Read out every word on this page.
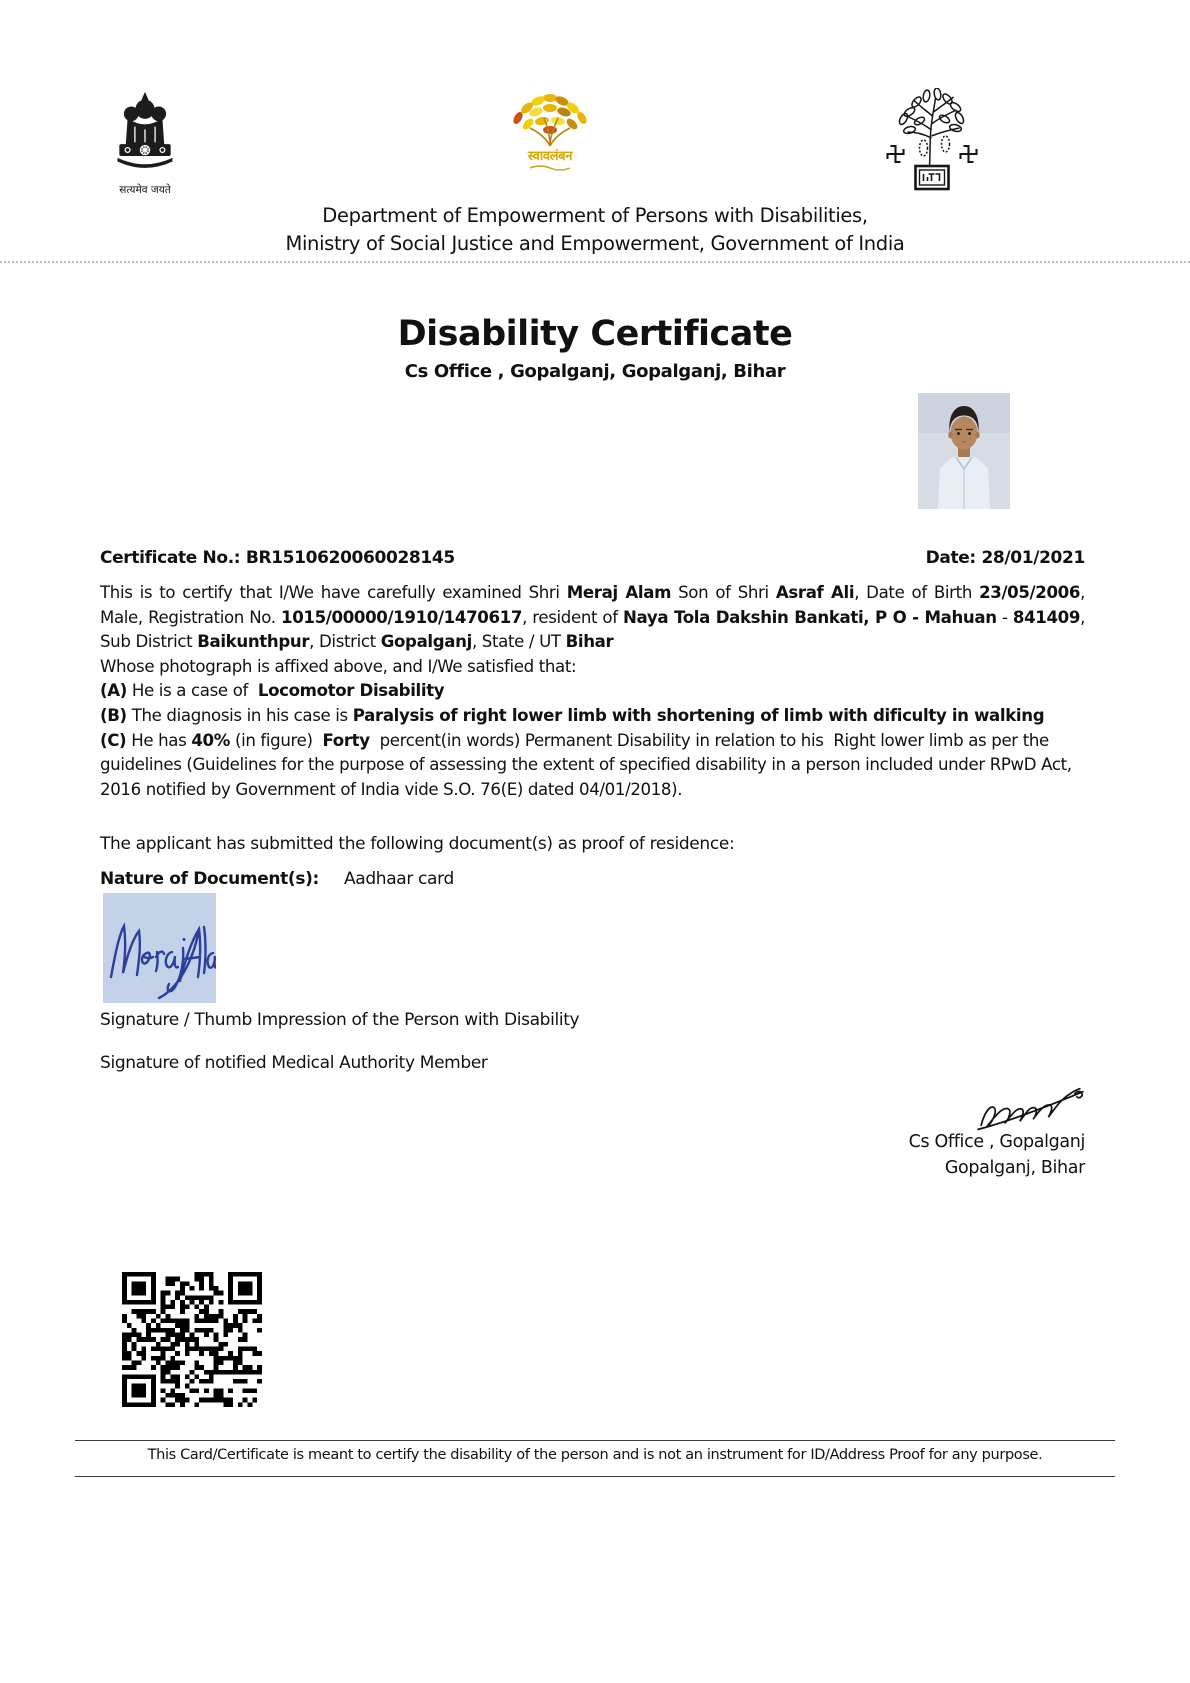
सत्यमेव जयते
स्वावलंबन
Department of Empowerment of Persons with Disabilities,
Ministry of Social Justice and Empowerment, Government of India
Disability Certificate
Cs Office , Gopalganj, Gopalganj, Bihar
Certificate No.: BR1510620060028145	Date: 28/01/2021
This is to certify that I/We have carefully examined Shri Meraj Alam Son of Shri Asraf Ali, Date of Birth 23/05/2006, Male, Registration No. 1015/00000/1910/1470617, resident of Naya Tola Dakshin Bankati, P O - Mahuan - 841409, Sub District Baikunthpur, District Gopalganj, State / UT Bihar
Whose photograph is affixed above, and I/We satisfied that:
(A) He is a case of  Locomotor Disability
(B) The diagnosis in his case is Paralysis of right lower limb with shortening of limb with dificulty in walking
(C) He has 40% (in figure)  Forty  percent(in words) Permanent Disability in relation to his  Right lower limb as per the guidelines (Guidelines for the purpose of assessing the extent of specified disability in a person included under RPwD Act, 2016 notified by Government of India vide S.O. 76(E) dated 04/01/2018).
The applicant has submitted the following document(s) as proof of residence:
Nature of Document(s): Aadhaar card
Signature / Thumb Impression of the Person with Disability
Signature of notified Medical Authority Member
Cs Office , Gopalganj
Gopalganj, Bihar
This Card/Certificate is meant to certify the disability of the person and is not an instrument for ID/Address Proof for any purpose.
